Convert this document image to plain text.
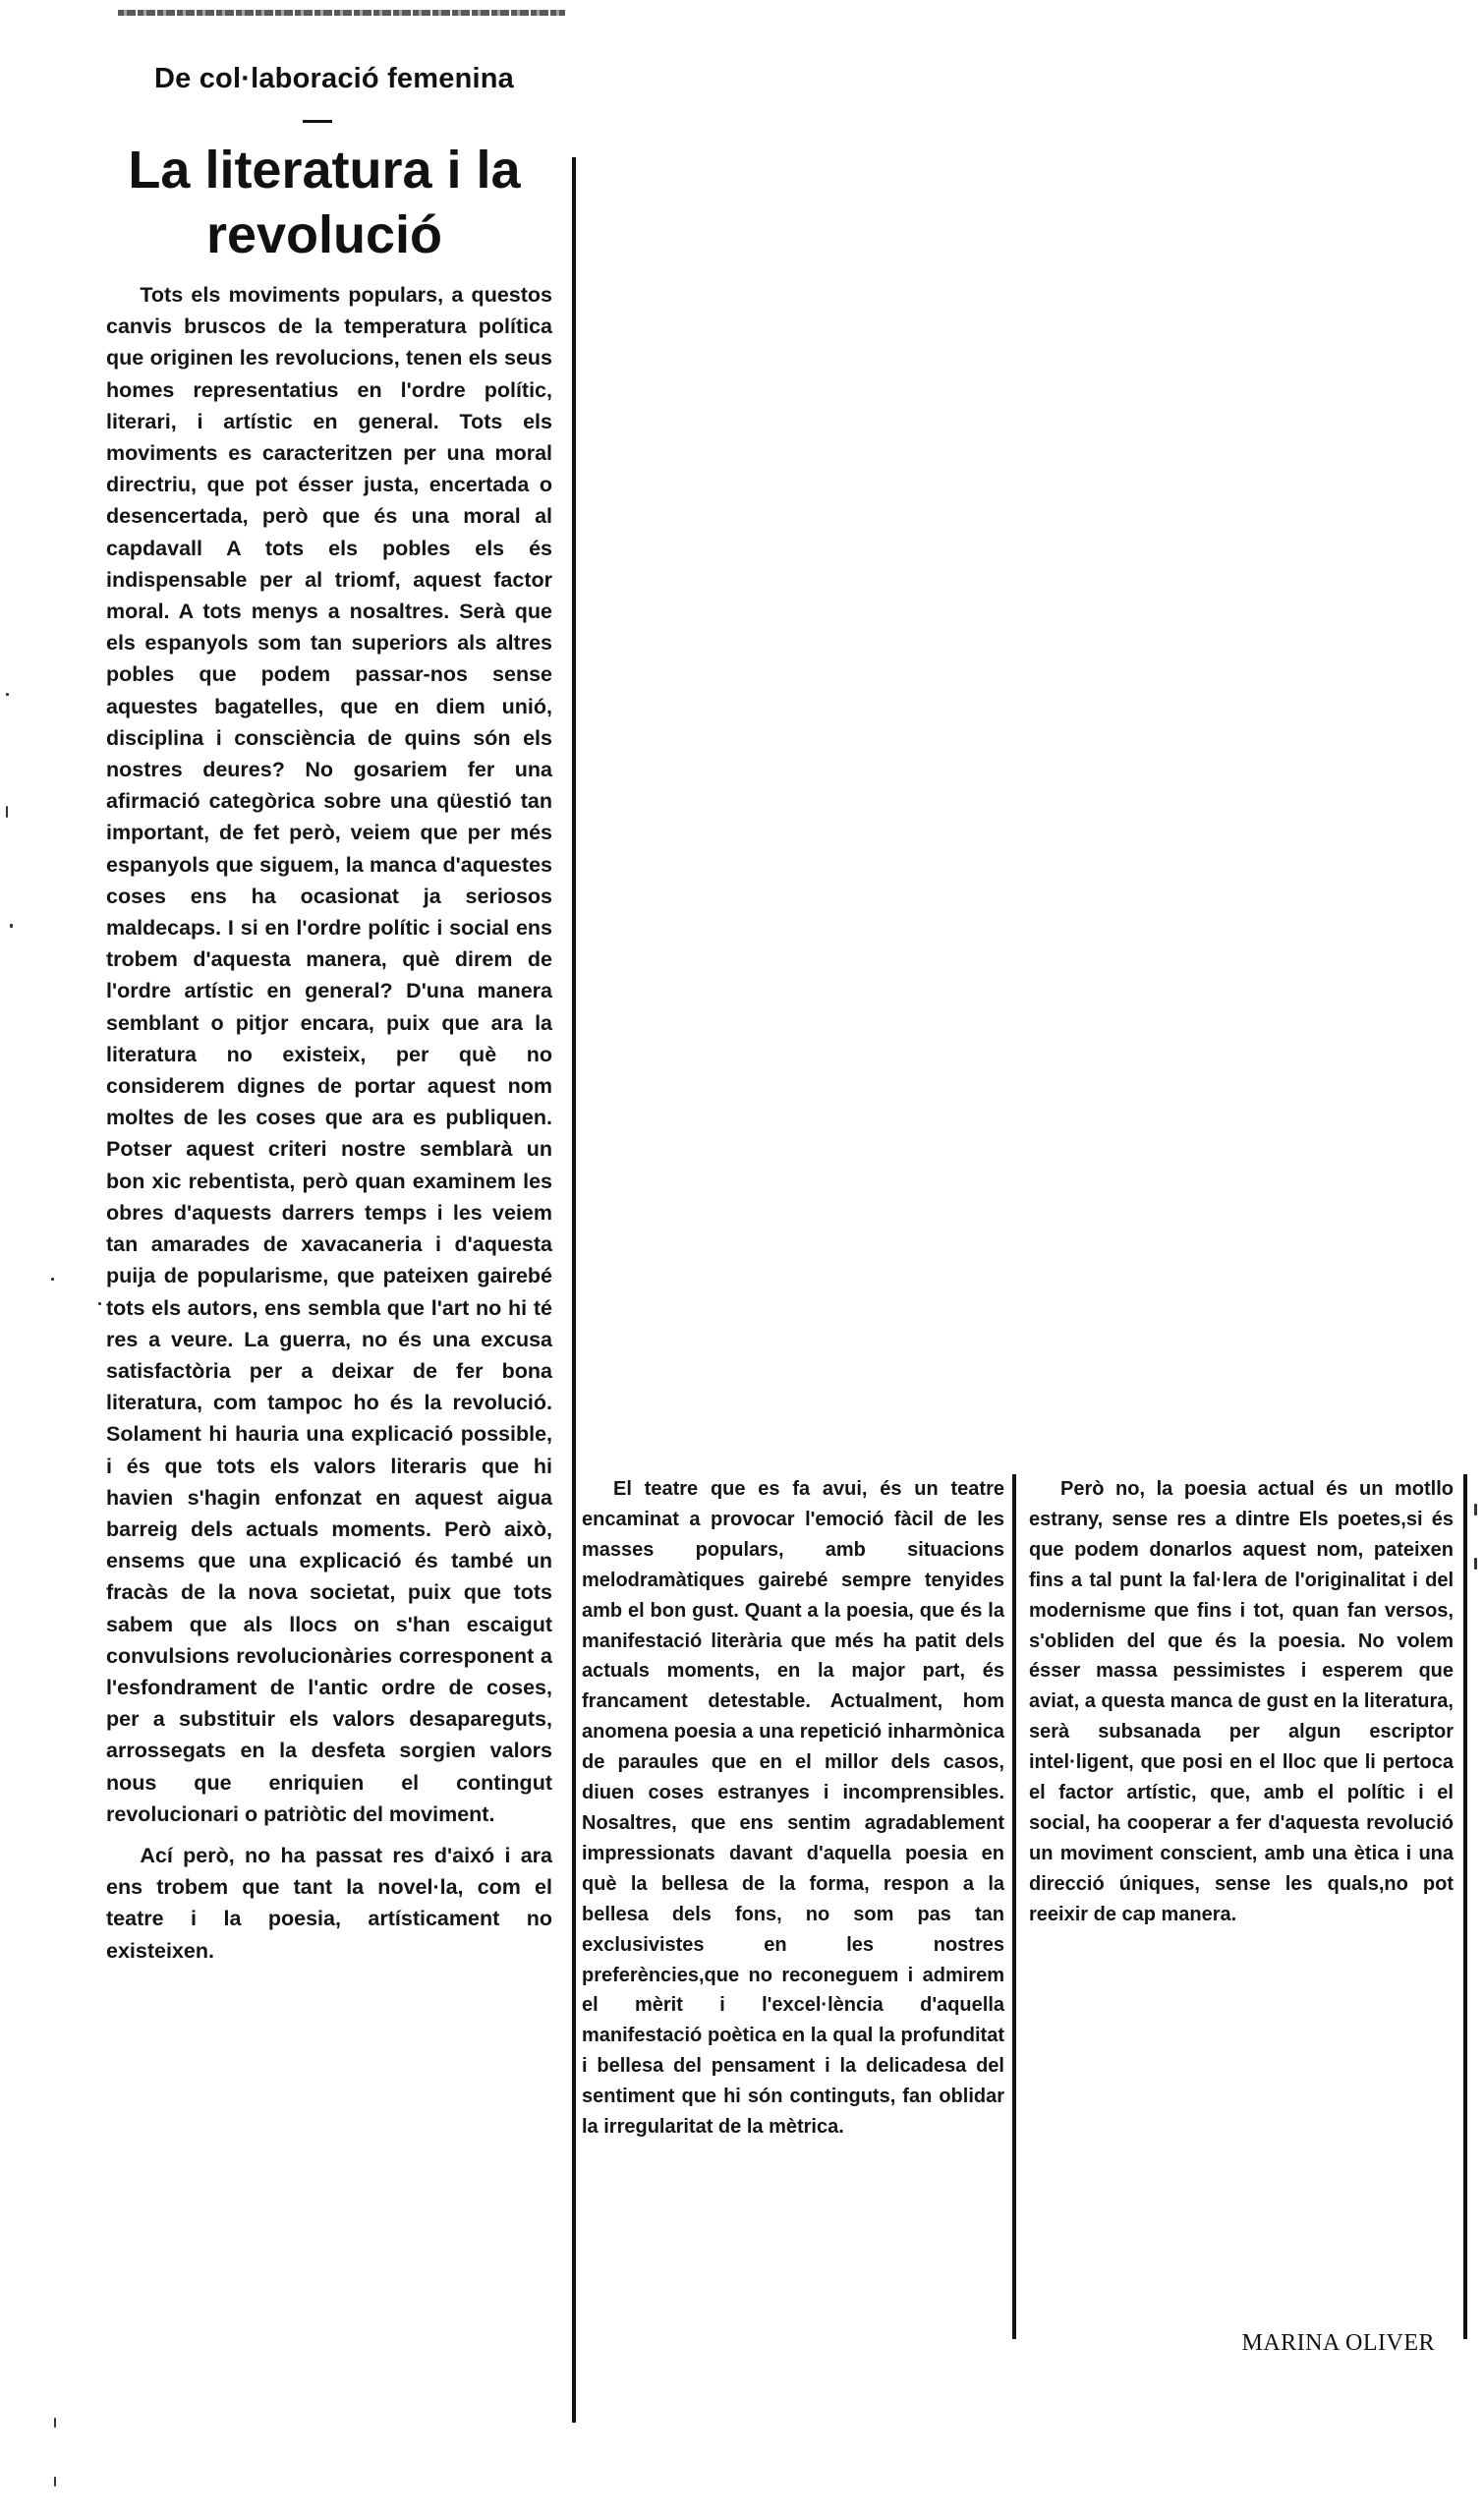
De col·laboració femenina
La literatura i la revolució

Tots els moviments populars, a questos canvis bruscos de la temperatura política que originen les revolucions, tenen els seus homes representatius en l'ordre polític, literari, i artístic en general. Tots els moviments es caracteritzen per una moral directriu, que pot ésser justa, encertada o desencertada, però que és una moral al capdavall A tots els pobles els és indispensable per al triomf, aquest factor moral. A tots menys a nosaltres. Serà que els espanyols som tan superiors als altres pobles que podem passar-nos sense aquestes bagatelles, que en diem unió, disciplina i consciència de quins són els nostres deures? No gosariem fer una afirmació categòrica sobre una qüestió tan important, de fet però, veiem que per més espanyols que siguem, la manca d'aquestes coses ens ha ocasionat ja seriosos maldecaps. I si en l'ordre polític i social ens trobem d'aquesta manera, què direm de l'ordre artístic en general? D'una manera semblant o pitjor encara, puix que ara la literatura no existeix, per què no considerem dignes de portar aquest nom moltes de les coses que ara es publiquen. Potser aquest criteri nostre semblarà un bon xic rebentista, però quan examinem les obres d'aquests darrers temps i les veiem tan amarades de xavacaneria i d'aquesta puija de popularisme, que pateixen gairebé tots els autors, ens sembla que l'art no hi té res a veure. La guerra, no és una excusa satisfactòria per a deixar de fer bona literatura, com tampoc ho és la revolució. Solament hi hauria una explicació possible, i és que tots els valors literaris que hi havien s'hagin enfonzat en aquest aigua barreig dels actuals moments. Però això, ensems que una explicació és també un fracàs de la nova societat, puix que tots sabem que als llocs on s'han escaigut convulsions revolucionàries corresponent a l'esfondrament de l'antic ordre de coses, per a substituir els valors desapareguts, arrossegats en la desfeta sorgien valors nous que enriquien el contingut revolucionari o patriòtic del moviment.

Ací però, no ha passat res d'aixó i ara ens trobem que tant la novel·la, com el teatre i la poesia, artísticament no existeixen.

El teatre que es fa avui, és un teatre encaminat a provocar l'emoció fàcil de les masses populars, amb situacions melodramàtiques gairebé sempre tenyides amb el bon gust. Quant a la poesia, que és la manifestació literària que més ha patit dels actuals moments, en la major part, és francament detestable. Actualment, hom anomena poesia a una repetició inharmònica de paraules que en el millor dels casos, diuen coses estranyes i incomprensibles. Nosaltres, que ens sentim agradablement impressionats davant d'aquella poesia en què la bellesa de la forma, respon a la bellesa dels fons, no som pas tan exclusivistes en les nostres preferències,que no reconeguem i admirem el mèrit i l'excel·lència d'aquella manifestació poètica en la qual la profunditat i bellesa del pensament i la delicadesa del sentiment que hi són continguts, fan oblidar la irregularitat de la mètrica.

Però no, la poesia actual és un motllo estrany, sense res a dintre Els poetes,si és que podem donarlos aquest nom, pateixen fins a tal punt la fal·lera de l'originalitat i del modernisme que fins i tot, quan fan versos, s'obliden del que és la poesia. No volem ésser massa pessimistes i esperem que aviat, a questa manca de gust en la literatura, serà subsanada per algun escriptor intel·ligent, que posi en el lloc que li pertoca el factor artístic, que, amb el polític i el social, ha cooperar a fer d'aquesta revolució un moviment conscient, amb una ètica i una direcció úniques, sense les quals,no pot reeixir de cap manera.

MARINA OLIVER
